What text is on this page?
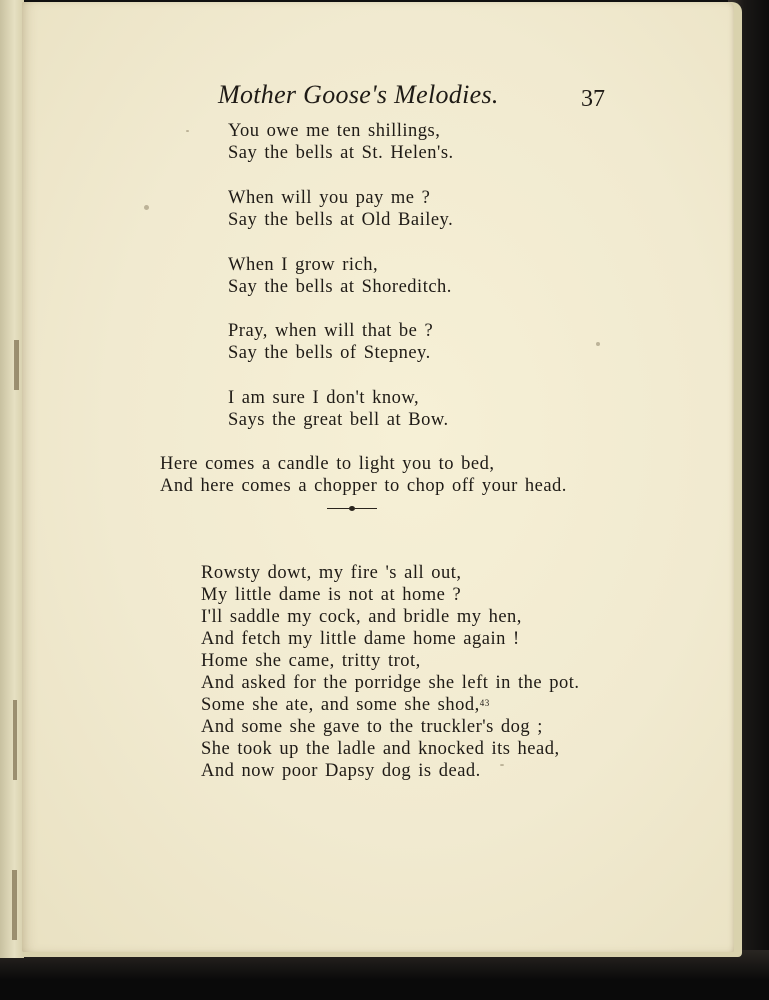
Mother Goose's Melodies.	37

You owe me ten shillings,
Say the bells at St. Helen's.
When will you pay me ?
Say the bells at Old Bailey.
When I grow rich,
Say the bells at Shoreditch.
Pray, when will that be ?
Say the bells of Stepney.
I am sure I don't know,
Says the great bell at Bow.
Here comes a candle to light you to bed,
And here comes a chopper to chop off your head.
Rowsty dowt, my fire 's all out,
My little dame is not at home ?
I'll saddle my cock, and bridle my hen,
And fetch my little dame home again !
Home she came, tritty trot,
And asked for the porridge she left in the pot.
Some she ate, and some she shod,$^{43}$
And some she gave to the truckler's dog ;
She took up the ladle and knocked its head,
And now poor Dapsy dog is dead.
